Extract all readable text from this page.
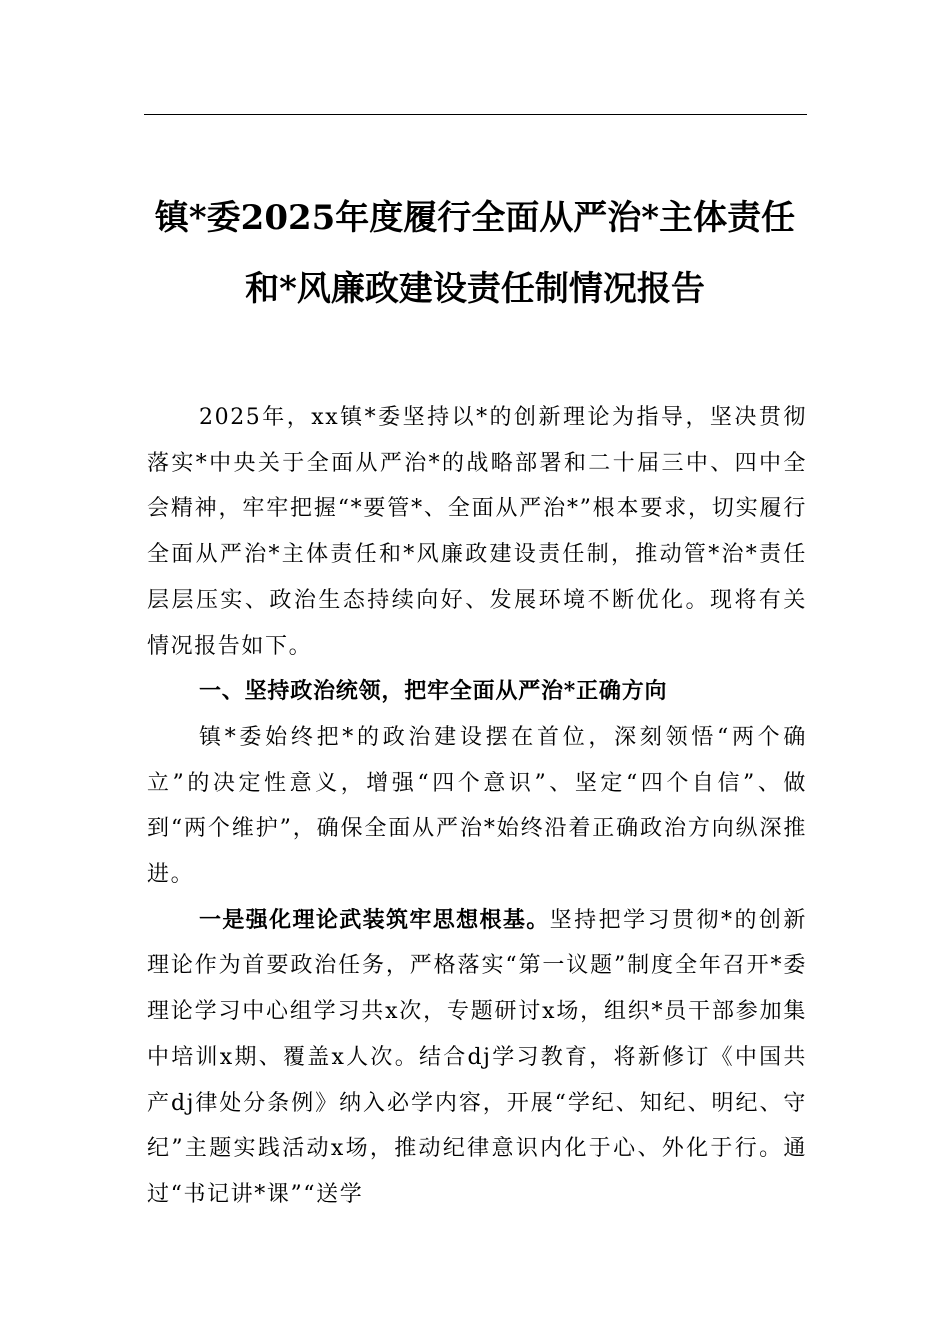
镇*委2025年度履行全面从严治*主体责任
和*风廉政建设责任制情况报告

2025年，xx镇*委坚持以*的创新理论为指导，坚决贯彻落实*中央关于全面从严治*的战略部署和二十届三中、四中全会精神，牢牢把握“*要管*、全面从严治*”根本要求，切实履行全面从严治*主体责任和*风廉政建设责任制，推动管*治*责任层层压实、政治生态持续向好、发展环境不断优化。现将有关情况报告如下。

一、坚持政治统领，把牢全面从严治*正确方向

镇*委始终把*的政治建设摆在首位，深刻领悟“两个确立”的决定性意义，增强“四个意识”、坚定“四个自信”、做到“两个维护”，确保全面从严治*始终沿着正确政治方向纵深推进。

一是强化理论武装筑牢思想根基。坚持把学习贯彻*的创新理论作为首要政治任务，严格落实“第一议题”制度全年召开*委理论学习中心组学习共x次，专题研讨x场，组织*员干部参加集中培训x期、覆盖x人次。结合dj学习教育，将新修订《中国共产dj律处分条例》纳入必学内容，开展“学纪、知纪、明纪、守纪”主题实践活动x场，推动纪律意识内化于心、外化于行。通过“书记讲*课”“送学
